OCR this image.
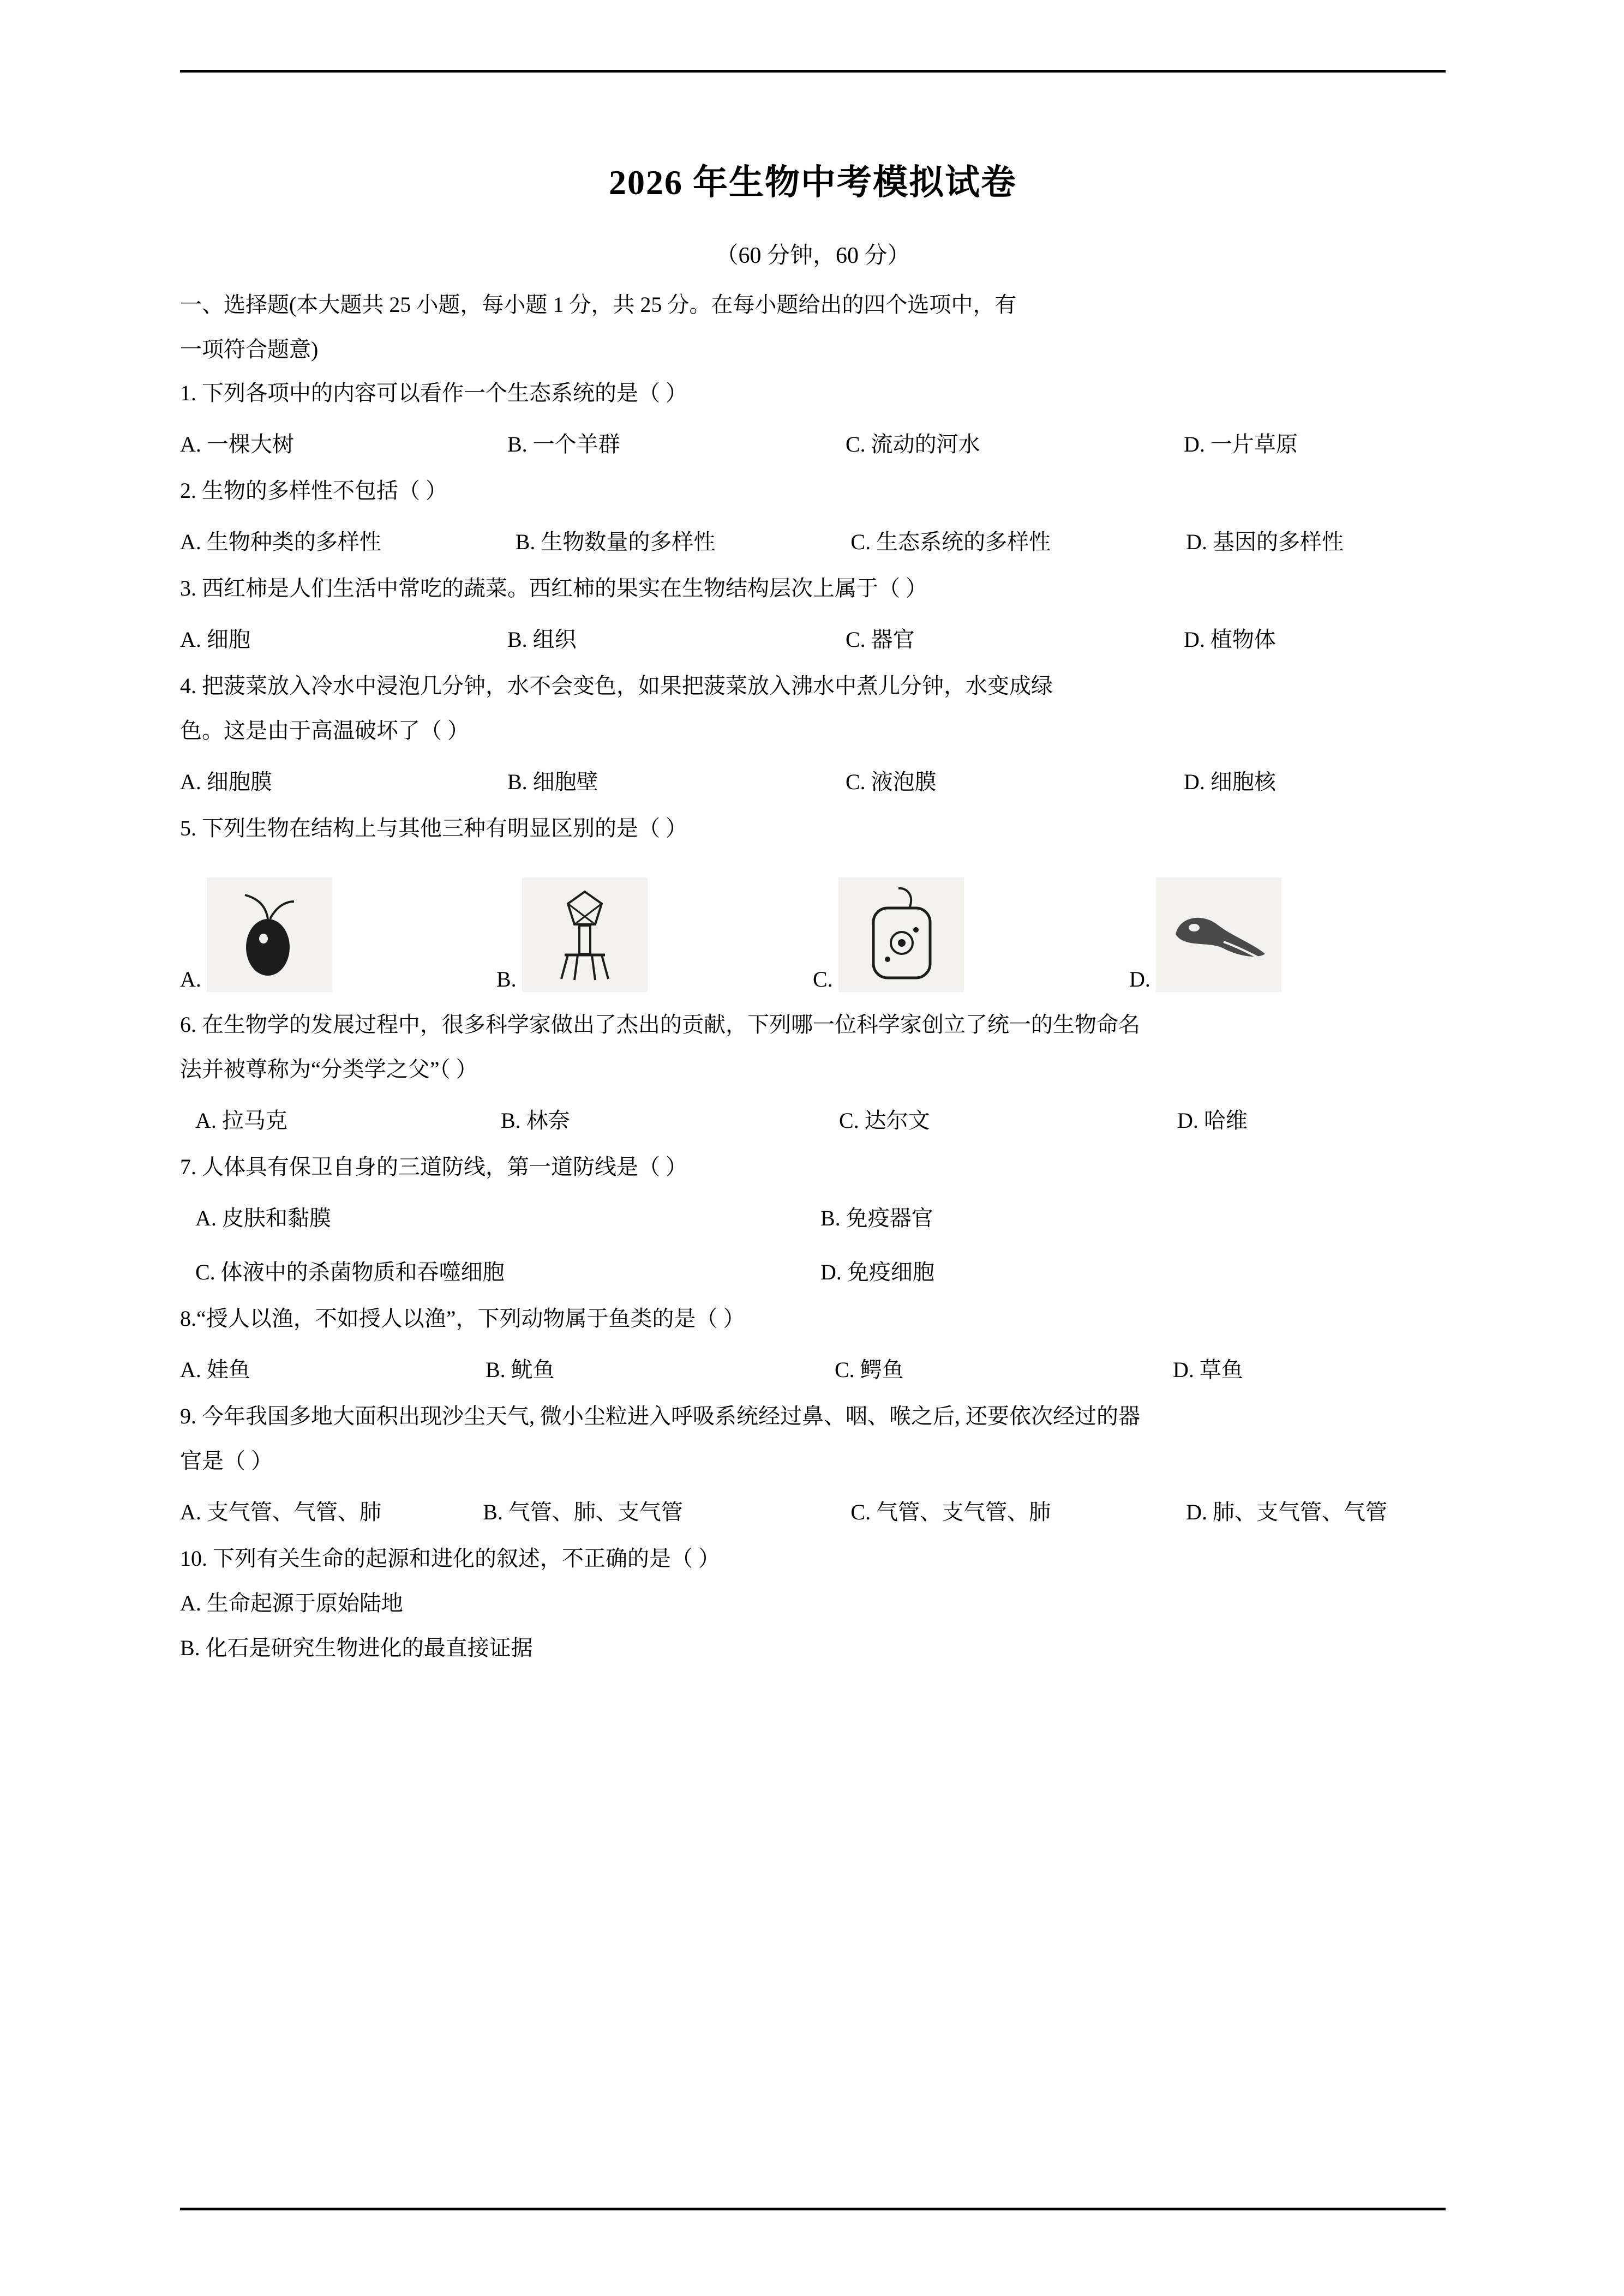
2026 年生物中考模拟试卷
（60 分钟，60 分）
一、选择题(本大题共 25 小题，每小题 1 分，共 25 分。在每小题给出的四个选项中，有
一项符合题意)
1. 下列各项中的内容可以看作一个生态系统的是（ ）
A. 一棵大树	B. 一个羊群	C. 流动的河水	D. 一片草原
2. 生物的多样性不包括（ ）
A. 生物种类的多样性	B. 生物数量的多样性	C. 生态系统的多样性	D. 基因的多样性
3. 西红柿是人们生活中常吃的蔬菜。西红柿的果实在生物结构层次上属于（ ）
A. 细胞	B. 组织	C. 器官	D. 植物体
4. 把菠菜放入冷水中浸泡几分钟，水不会变色，如果把菠菜放入沸水中煮儿分钟，水变成绿
色。这是由于高温破坏了（ ）
A. 细胞膜	B. 细胞壁	C. 液泡膜	D. 细胞核
5. 下列生物在结构上与其他三种有明显区别的是（ ）
A.	B.	C.	D.
6. 在生物学的发展过程中，很多科学家做出了杰出的贡献，下列哪一位科学家创立了统一的生物命名
法并被尊称为“分类学之父”（ ）
A. 拉马克	B. 林奈	C. 达尔文	D. 哈维
7. 人体具有保卫自身的三道防线，第一道防线是（ ）
A. 皮肤和黏膜	B. 免疫器官
C. 体液中的杀菌物质和吞噬细胞	D. 免疫细胞
8.“授人以渔，不如授人以渔”，下列动物属于鱼类的是（ ）
A. 娃鱼	B. 鱿鱼	C. 鳄鱼	D. 草鱼
9. 今年我国多地大面积出现沙尘天气, 微小尘粒进入呼吸系统经过鼻、咽、喉之后, 还要依次经过的器
官是（ ）
A. 支气管、气管、肺	B. 气管、肺、支气管	C. 气管、支气管、肺	D. 肺、支气管、气管
10. 下列有关生命的起源和进化的叙述，不正确的是（ ）
A. 生命起源于原始陆地
B. 化石是研究生物进化的最直接证据
